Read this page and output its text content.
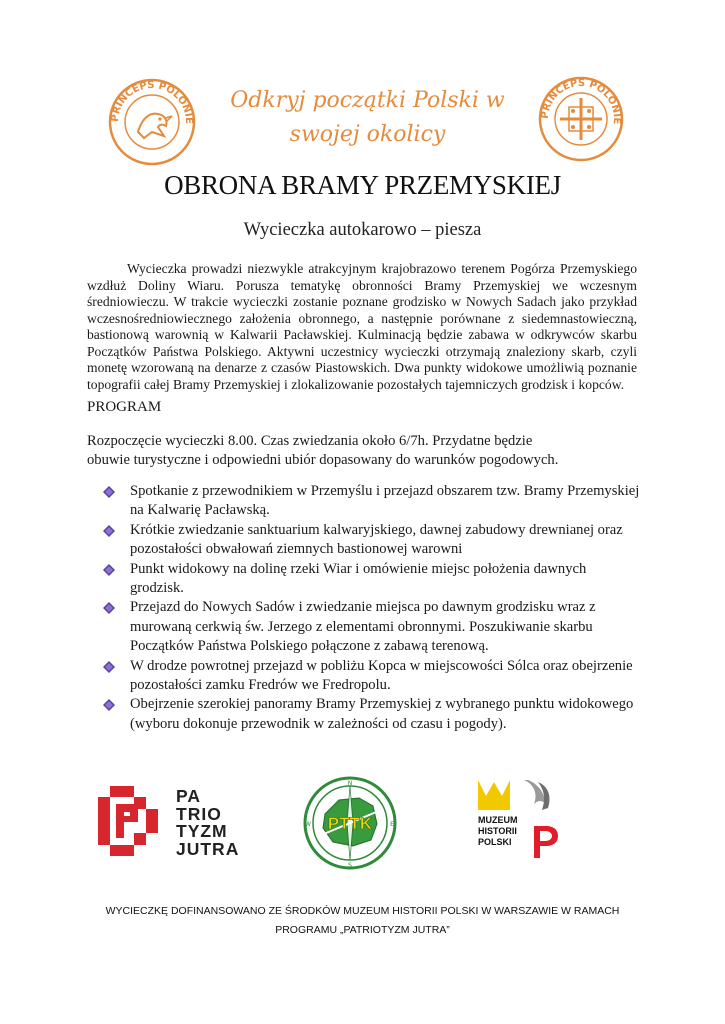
PRINCEPS POLONIE
Odkryj początki Polski w swojej okolicy
PRINCEPS POLONIE
OBRONA BRAMY PRZEMYSKIEJ
Wycieczka autokarowo – piesza

Wycieczka prowadzi niezwykle atrakcyjnym krajobrazowo terenem Pogórza Przemyskiego wzdłuż Doliny Wiaru. Porusza tematykę obronności Bramy Przemyskiej we wczesnym średniowieczu. W trakcie wycieczki zostanie poznane grodzisko w Nowych Sadach jako przykład wczesnośredniowiecznego założenia obronnego, a następnie porównane z siedemnastowieczną, bastionową warownią w Kalwarii Pacławskiej. Kulminacją będzie zabawa w odkrywców skarbu Początków Państwa Polskiego. Aktywni uczestnicy wycieczki otrzymają znaleziony skarb, czyli monetę wzorowaną na denarze z czasów Piastowskich. Dwa punkty widokowe umożliwią poznanie topografii całej Bramy Przemyskiej i zlokalizowanie pozostałych tajemniczych grodzisk i kopców.

PROGRAM

Rozpoczęcie wycieczki 8.00. Czas zwiedzania około 6/7h. Przydatne będzie obuwie turystyczne i odpowiedni ubiór dopasowany do warunków pogodowych.

Spotkanie z przewodnikiem w Przemyślu i przejazd obszarem tzw. Bramy Przemyskiej na Kalwarię Pacławską.
Krótkie zwiedzanie sanktuarium kalwaryjskiego, dawnej zabudowy drewnianej oraz pozostałości obwałowań ziemnych bastionowej warowni
Punkt widokowy na dolinę rzeki Wiar i omówienie miejsc położenia dawnych grodzisk.
Przejazd do Nowych Sadów i zwiedzanie miejsca po dawnym grodzisku wraz z murowaną cerkwią św. Jerzego z elementami obronnymi. Poszukiwanie skarbu Początków Państwa Polskiego połączone z zabawą terenową.
W drodze powrotnej przejazd w pobliżu Kopca w miejscowości Sólca oraz obejrzenie pozostałości zamku Fredrów we Fredropolu.
Obejrzenie szerokiej panoramy Bramy Przemyskiej z wybranego punktu widokowego (wyboru dokonuje przewodnik w zależności od czasu i pogody).
PA
TRIO
TYZM
JUTRA
PTTK
N
E
S
W	MUZEUM
HISTORII
POLSKI
WYCIECZKĘ DOFINANSOWANO ZE ŚRODKÓW MUZEUM HISTORII POLSKI W WARSZAWIE W RAMACH
PROGRAMU „PATRIOTYZM JUTRA”
